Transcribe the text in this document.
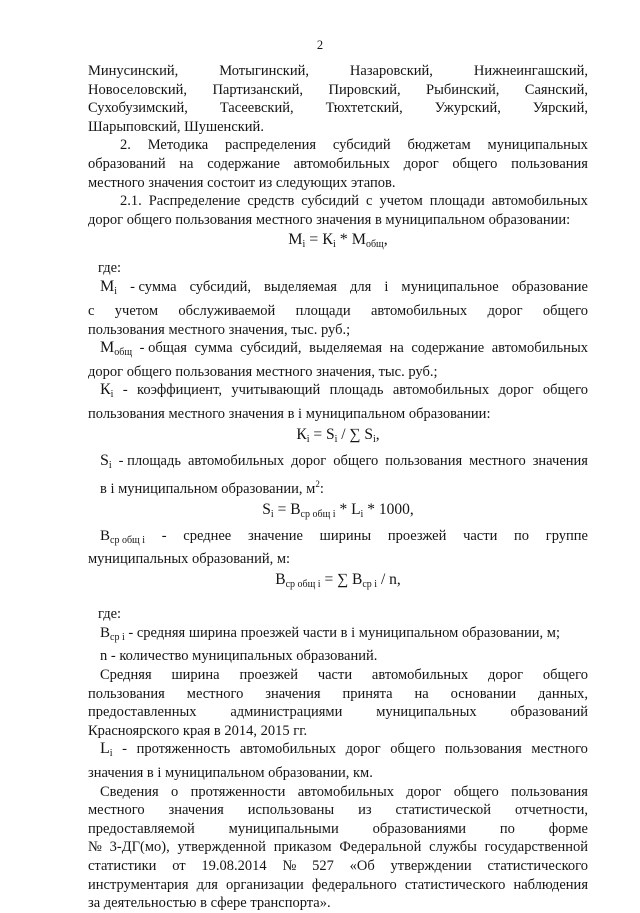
2
Минусинский,	Мотыгинский,	Назаровский,	Нижнеингашский,
Новоселовский, Партизанский, Пировский, Рыбинский, Саянский,
Сухобузимский, Тасеевский, Тюхтетский, Ужурский, Уярский,
Шарыповский, Шушенский.
2. Методика распределения субсидий бюджетам муниципальных
образований на содержание автомобильных дорог общего пользования
местного значения состоит из следующих этапов.
2.1. Распределение средств субсидий с учетом площади автомобильных
дорог общего пользования местного значения в муниципальном образовании:
$M_i = К_i * M_{общ}$,
где:
$M_i$ - сумма субсидий, выделяемая для i муниципальное образование
с учетом обслуживаемой площади автомобильных дорог общего
пользования местного значения, тыс. руб.;
$M_{общ}$ - общая сумма субсидий, выделяемая на содержание автомобильных
дорог общего пользования местного значения, тыс. руб.;
$К_i$ - коэффициент, учитывающий площадь автомобильных дорог общего
пользования местного значения в i муниципальном образовании:
$К_i = S_i$ / ∑ $S_i$,
$S_i$ - площадь автомобильных дорог общего пользования местного значения
в i муниципальном образовании, $м^2$:
$S_i = B_{ср общ i} * L_i * 1000$,
$B_{ср общ i}$ - среднее значение ширины проезжей части по группе
муниципальных образований, м:
$B_{ср общ i}$ = ∑ $B_{ср i}$ / n,
где:
$B_{ср i}$ - средняя ширина проезжей части в i муниципальном образовании, м;
n - количество муниципальных образований.
Средняя ширина проезжей части автомобильных дорог общего
пользования местного значения принята на основании данных,
предоставленных администрациями муниципальных образований
Красноярского края в 2014, 2015 гг.
$L_i$ - протяженность автомобильных дорог общего пользования местного
значения в i муниципальном образовании, км.
Сведения о протяженности автомобильных дорог общего пользования
местного значения использованы из статистической отчетности,
предоставляемой муниципальными образованиями по форме
№ 3-ДГ(мо), утвержденной приказом Федеральной службы государственной
статистики от 19.08.2014 № 527 «Об утверждении статистического
инструментария для организации федерального статистического наблюдения
за деятельностью в сфере транспорта».
